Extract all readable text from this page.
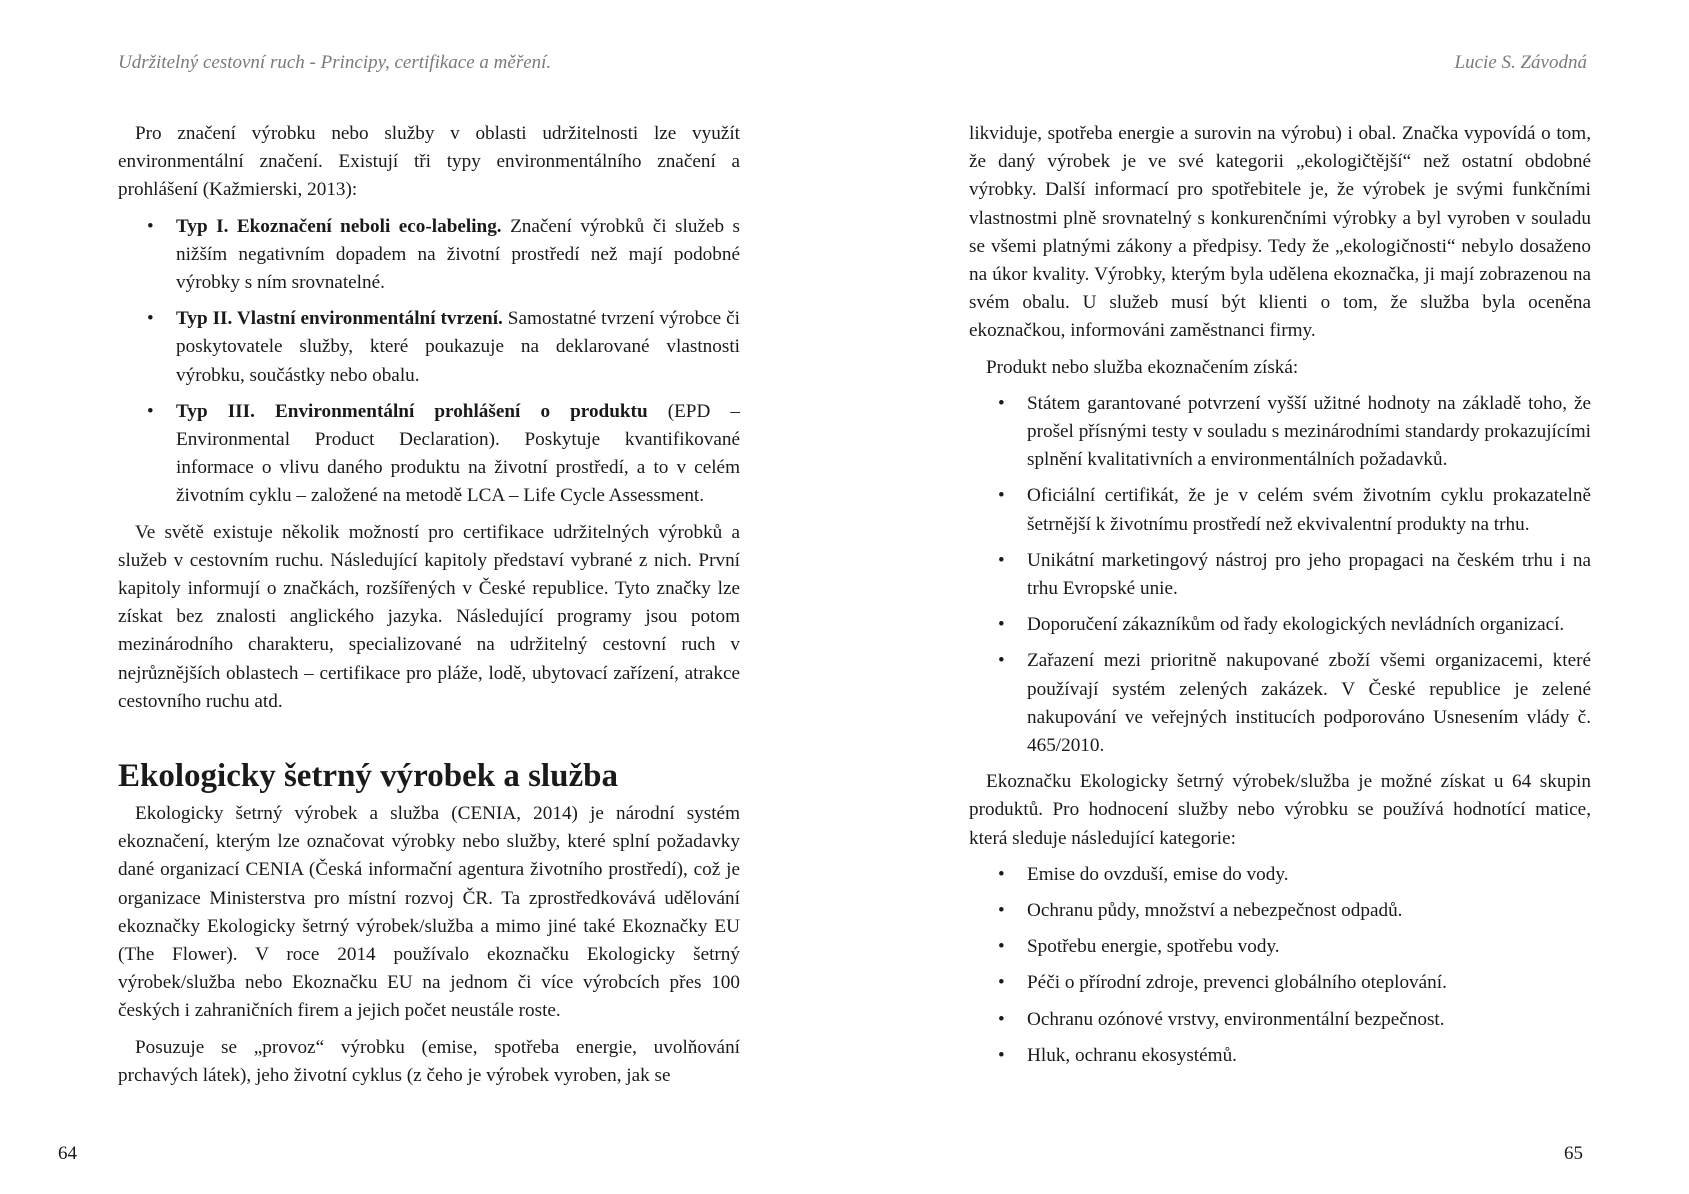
Udržitelný cestovní ruch - Principy, certifikace a měření.

Pro značení výrobku nebo služby v oblasti udržitelnosti lze využít environmentální značení. Existují tři typy environmentálního značení a prohlášení (Kažmierski, 2013):

• Typ I. Ekoznačení neboli eco-labeling. Značení výrobků či služeb s nižším negativním dopadem na životní prostředí než mají podobné výrobky s ním srovnatelné.
• Typ II. Vlastní environmentální tvrzení. Samostatné tvrzení výrobce či poskytovatele služby, které poukazuje na deklarované vlastnosti výrobku, součástky nebo obalu.
• Typ III. Environmentální prohlášení o produktu (EPD – Environmental Product Declaration). Poskytuje kvantifikované informace o vlivu daného produktu na životní prostředí, a to v celém životním cyklu – založené na metodě LCA – Life Cycle Assessment.

Ve světě existuje několik možností pro certifikace udržitelných výrobků a služeb v cestovním ruchu. Následující kapitoly představí vybrané z nich. První kapitoly informují o značkách, rozšířených v České republice. Tyto značky lze získat bez znalosti anglického jazyka. Následující programy jsou potom mezinárodního charakteru, specializované na udržitelný cestovní ruch v nejrůznějších oblastech – certifikace pro pláže, lodě, ubytovací zařízení, atrakce cestovního ruchu atd.

Ekologicky šetrný výrobek a služba

Ekologicky šetrný výrobek a služba (CENIA, 2014) je národní systém ekoznačení, kterým lze označovat výrobky nebo služby, které splní požadavky dané organizací CENIA (Česká informační agentura životního prostředí), což je organizace Ministerstva pro místní rozvoj ČR. Ta zprostředkovává udělování ekoznačky Ekologicky šetrný výrobek/služba a mimo jiné také Ekoznačky EU (The Flower). V roce 2014 používalo ekoznačku Ekologicky šetrný výrobek/služba nebo Ekoznačku EU na jednom či více výrobcích přes 100 českých i zahraničních firem a jejich počet neustále roste.

Posuzuje se „provoz“ výrobku (emise, spotřeba energie, uvolňování prchavých látek), jeho životní cyklus (z čeho je výrobek vyroben, jak se

64
Lucie S. Závodná

likviduje, spotřeba energie a surovin na výrobu) i obal. Značka vypovídá o tom, že daný výrobek je ve své kategorii „ekologičtější“ než ostatní obdobné výrobky. Další informací pro spotřebitele je, že výrobek je svými funkčními vlastnostmi plně srovnatelný s konkurenčními výrobky a byl vyroben v souladu se všemi platnými zákony a předpisy. Tedy že „ekologičnosti“ nebylo dosaženo na úkor kvality. Výrobky, kterým byla udělena ekoznačka, ji mají zobrazenou na svém obalu. U služeb musí být klienti o tom, že služba byla oceněna ekoznačkou, informováni zaměstnanci firmy.

Produkt nebo služba ekoznačením získá:

• Státem garantované potvrzení vyšší užitné hodnoty na základě toho, že prošel přísnými testy v souladu s mezinárodními standardy prokazujícími splnění kvalitativních a environmentálních požadavků.
• Oficiální certifikát, že je v celém svém životním cyklu prokazatelně šetrnější k životnímu prostředí než ekvivalentní produkty na trhu.
• Unikátní marketingový nástroj pro jeho propagaci na českém trhu i na trhu Evropské unie.
• Doporučení zákazníkům od řady ekologických nevládních organizací.
• Zařazení mezi prioritně nakupované zboží všemi organizacemi, které používají systém zelených zakázek. V České republice je zelené nakupování ve veřejných institucích podporováno Usnesením vlády č. 465/2010.

Ekoznačku Ekologicky šetrný výrobek/služba je možné získat u 64 skupin produktů. Pro hodnocení služby nebo výrobku se používá hodnotící matice, která sleduje následující kategorie:

• Emise do ovzduší, emise do vody.
• Ochranu půdy, množství a nebezpečnost odpadů.
• Spotřebu energie, spotřebu vody.
• Péči o přírodní zdroje, prevenci globálního oteplování.
• Ochranu ozónové vrstvy, environmentální bezpečnost.
• Hluk, ochranu ekosystémů.
65
